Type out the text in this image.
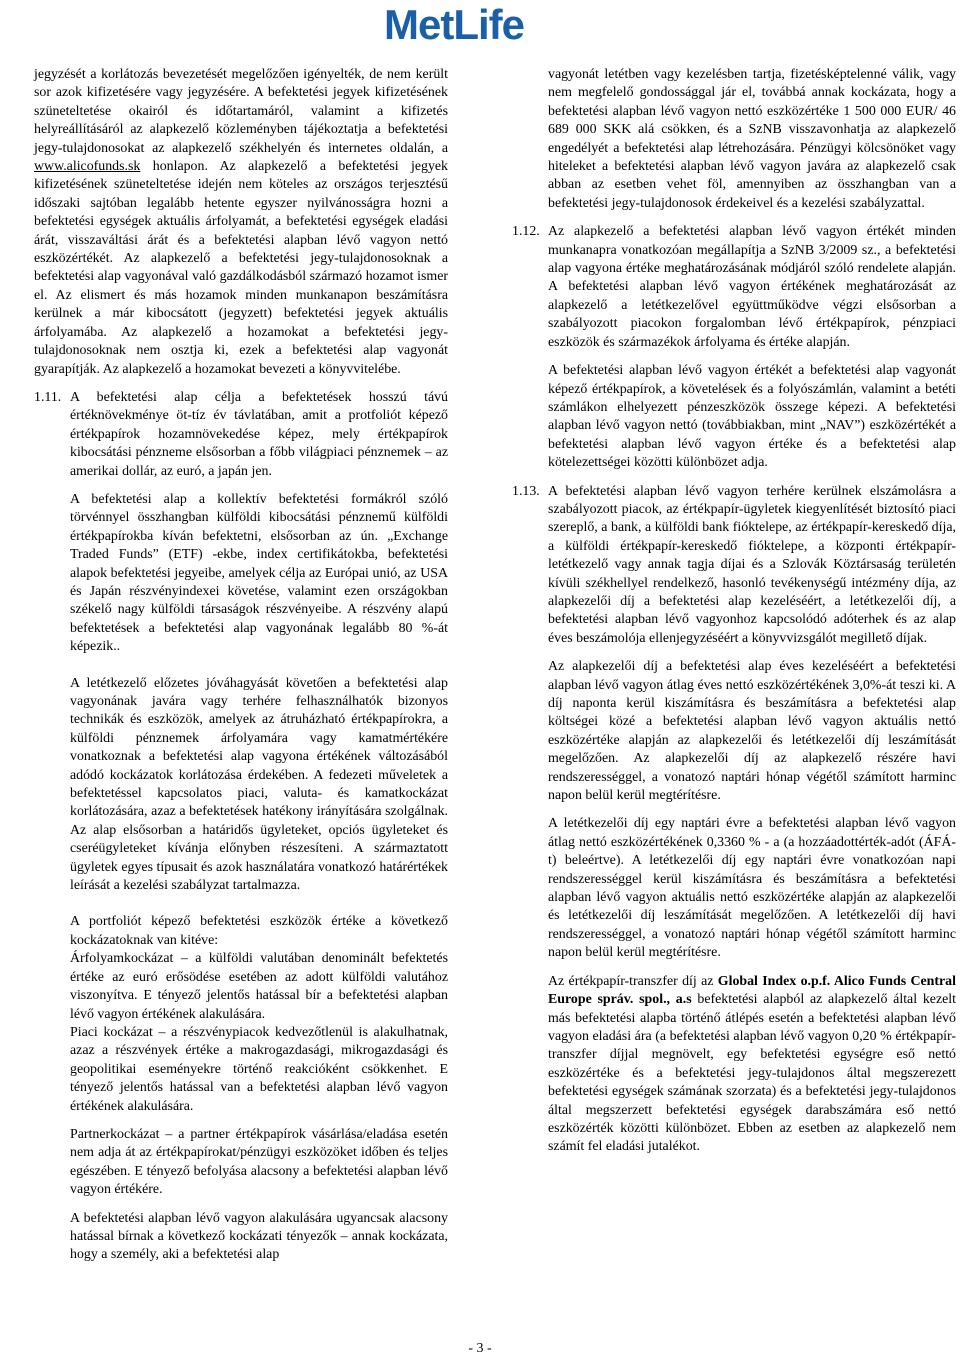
MetLife

jegyzését a korlátozás bevezetését megelőzően igényelték, de nem került sor azok kifizetésére vagy jegyzésére. A befektetési jegyek kifizetésének szüneteltetése okairól és időtartamáról, valamint a kifizetés helyreállításáról az alapkezelő közleményben tájékoztatja a befektetési jegy-tulajdonosokat az alapkezelő székhelyén és internetes oldalán, a www.alicofunds.sk honlapon. Az alapkezelő a befektetési jegyek kifizetésének szüneteltetése idején nem köteles az országos terjesztésű időszaki sajtóban legalább hetente egyszer nyilvánosságra hozni a befektetési egységek aktuális árfolyamát, a befektetési egységek eladási árát, visszaváltási árát és a befektetési alapban lévő vagyon nettó eszközértékét. Az alapkezelő a befektetési jegy-tulajdonosoknak a befektetési alap vagyonával való gazdálkodásból származó hozamot ismer el. Az elismert és más hozamok minden munkanapon beszámításra kerülnek a már kibocsátott (jegyzett) befektetési jegyek aktuális árfolyamába. Az alapkezelő a hozamokat a befektetési jegy-tulajdonosoknak nem osztja ki, ezek a befektetési alap vagyonát gyarapítják. Az alapkezelő a hozamokat bevezeti a könyvvitelébe.

1.11. A befektetési alap célja a befektetések hosszú távú értéknövekménye öt-tíz év távlatában, amit a protfoliót képező értékpapírok hozamnövekedése képez, mely értékpapírok kibocsátási pénzneme elsősorban a főbb világpiaci pénznemek – az amerikai dollár, az euró, a japán jen.

A befektetési alap a kollektív befektetési formákról szóló törvénnyel összhangban külföldi kibocsátási pénznemű külföldi értékpapírokba kíván befektetni, elsősorban az ún. „Exchange Traded Funds” (ETF) -ekbe, index certifikátokba, befektetési alapok befektetési jegyeibe, amelyek célja az Európai unió, az USA és Japán részvényindexei követése, valamint ezen országokban székelő nagy külföldi társaságok részvényeibe. A részvény alapú befektetések a befektetési alap vagyonának legalább 80 %-át képezik..

A letétkezelő előzetes jóváhagyását követően a befektetési alap vagyonának javára vagy terhére felhasználhatók bizonyos technikák és eszközök, amelyek az átruházható értékpapírokra, a külföldi pénznemek árfolyamára vagy kamatmértékére vonatkoznak a befektetési alap vagyona értékének változásából adódó kockázatok korlátozása érdekében. A fedezeti műveletek a befektetéssel kapcsolatos piaci, valuta- és kamatkockázat korlátozására, azaz a befektetések hatékony irányítására szolgálnak. Az alap elsősorban a határidős ügyleteket, opciós ügyleteket és cseréügyleteket kívánja előnyben részesíteni. A származtatott ügyletek egyes típusait és azok használatára vonatkozó határértékek leírását a kezelési szabályzat tartalmazza.

A portfoliót képező befektetési eszközök értéke a következő kockázatoknak van kitéve:

Árfolyamkockázat – a külföldi valutában denominált befektetés értéke az euró erősödése esetében az adott külföldi valutához viszonyítva. E tényező jelentős hatással bír a befektetési alapban lévő vagyon értékének alakulására.

Piaci kockázat – a részvénypiacok kedvezőtlenül is alakulhatnak, azaz a részvények értéke a makrogazdasági, mikrogazdasági és geopolitikai eseményekre történő reakcióként csökkenhet. E tényező jelentős hatással van a befektetési alapban lévő vagyon értékének alakulására.

Partnerkockázat – a partner értékpapírok vásárlása/eladása esetén nem adja át az értékpapírokat/pénzügyi eszközöket időben és teljes egészében. E tényező befolyása alacsony a befektetési alapban lévő vagyon értékére.

A befektetési alapban lévő vagyon alakulására ugyancsak alacsony hatással bírnak a következő kockázati tényezők – annak kockázata, hogy a személy, aki a befektetési alap

vagyonát letétben vagy kezelésben tartja, fizetésképtelenné válik, vagy nem megfelelő gondossággal jár el, továbbá annak kockázata, hogy a befektetési alapban lévő vagyon nettó eszközértéke 1 500 000 EUR/ 46 689 000 SKK alá csökken, és a SzNB visszavonhatja az alapkezelő engedélyét a befektetési alap létrehozására. Pénzügyi kölcsönöket vagy hiteleket a befektetési alapban lévő vagyon javára az alapkezelő csak abban az esetben vehet föl, amennyiben az összhangban van a befektetési jegy-tulajdonosok érdekeivel és a kezelési szabályzattal.

1.12. Az alapkezelő a befektetési alapban lévő vagyon értékét minden munkanapra vonatkozóan megállapítja a SzNB 3/2009 sz., a befektetési alap vagyona értéke meghatározásának módjáról szóló rendelete alapján. A befektetési alapban lévő vagyon értékének meghatározását az alapkezelő a letétkezelővel együttműködve végzi elsősorban a szabályozott piacokon forgalomban lévő értékpapírok, pénzpiaci eszközök és származékok árfolyama és értéke alapján.

A befektetési alapban lévő vagyon értékét a befektetési alap vagyonát képező értékpapírok, a követelések és a folyószámlán, valamint a betéti számlákon elhelyezett pénzeszközök összege képezi. A befektetési alapban lévő vagyon nettó (továbbiakban, mint „NAV”) eszközértékét a befektetési alapban lévő vagyon értéke és a befektetési alap kötelezettségei közötti különbözet adja.

1.13. A befektetési alapban lévő vagyon terhére kerülnek elszámolásra a szabályozott piacok, az értékpapír-ügyletek kiegyenlítését biztosító piaci szereplő, a bank, a külföldi bank fióktelepe, az értékpapír-kereskedő díja, a külföldi értékpapír-kereskedő fióktelepe, a központi értékpapír-letétkezelő vagy annak tagja díjai és a Szlovák Köztársaság területén kívüli székhellyel rendelkező, hasonló tevékenységű intézmény díja, az alapkezelői díj a befektetési alap kezeléséért, a letétkezelői díj, a befektetési alapban lévő vagyonhoz kapcsolódó adóterhek és az alap éves beszámolója ellenjegyzéséért a könyvvizsgálót megillető díjak.

Az alapkezelői díj a befektetési alap éves kezeléséért a befektetési alapban lévő vagyon átlag éves nettó eszközértékének 3,0%-át teszi ki. A díj naponta kerül kiszámításra és beszámításra a befektetési alap költségei közé a befektetési alapban lévő vagyon aktuális nettó eszközértéke alapján az alapkezelői és letétkezelői díj leszámítását megelőzően. Az alapkezelői díj az alapkezelő részére havi rendszerességgel, a vonatozó naptári hónap végétől számított harminc napon belül kerül megtérítésre.

A letétkezelői díj egy naptári évre a befektetési alapban lévő vagyon átlag nettó eszközértékének 0,3360 % - a (a hozzáadottérték-adót (ÁFÁ-t) beleértve). A letétkezelői díj egy naptári évre vonatkozóan napi rendszerességgel kerül kiszámításra és beszámításra a befektetési alapban lévő vagyon aktuális nettó eszközértéke alapján az alapkezelői és letétkezelői díj leszámítását megelőzően. A letétkezelői díj havi rendszerességgel, a vonatozó naptári hónap végétől számított harminc napon belül kerül megtérítésre.

Az értékpapír-transzfer díj az Global Index o.p.f. Alico Funds Central Europe správ. spol., a.s befektetési alapból az alapkezelő által kezelt más befektetési alapba történő átlépés esetén a befektetési alapban lévő vagyon eladási ára (a befektetési alapban lévő vagyon 0,20 % értékpapír-transzfer díjjal megnövelt, egy befektetési egységre eső nettó eszközértéke és a befektetési jegy-tulajdonos által megszerezett befektetési egységek számának szorzata) és a befektetési jegy-tulajdonos által megszerzett befektetési egységek darabszámára eső nettó eszközérték közötti különbözet. Ebben az esetben az alapkezelő nem számít fel eladási jutalékot.

- 3 -
